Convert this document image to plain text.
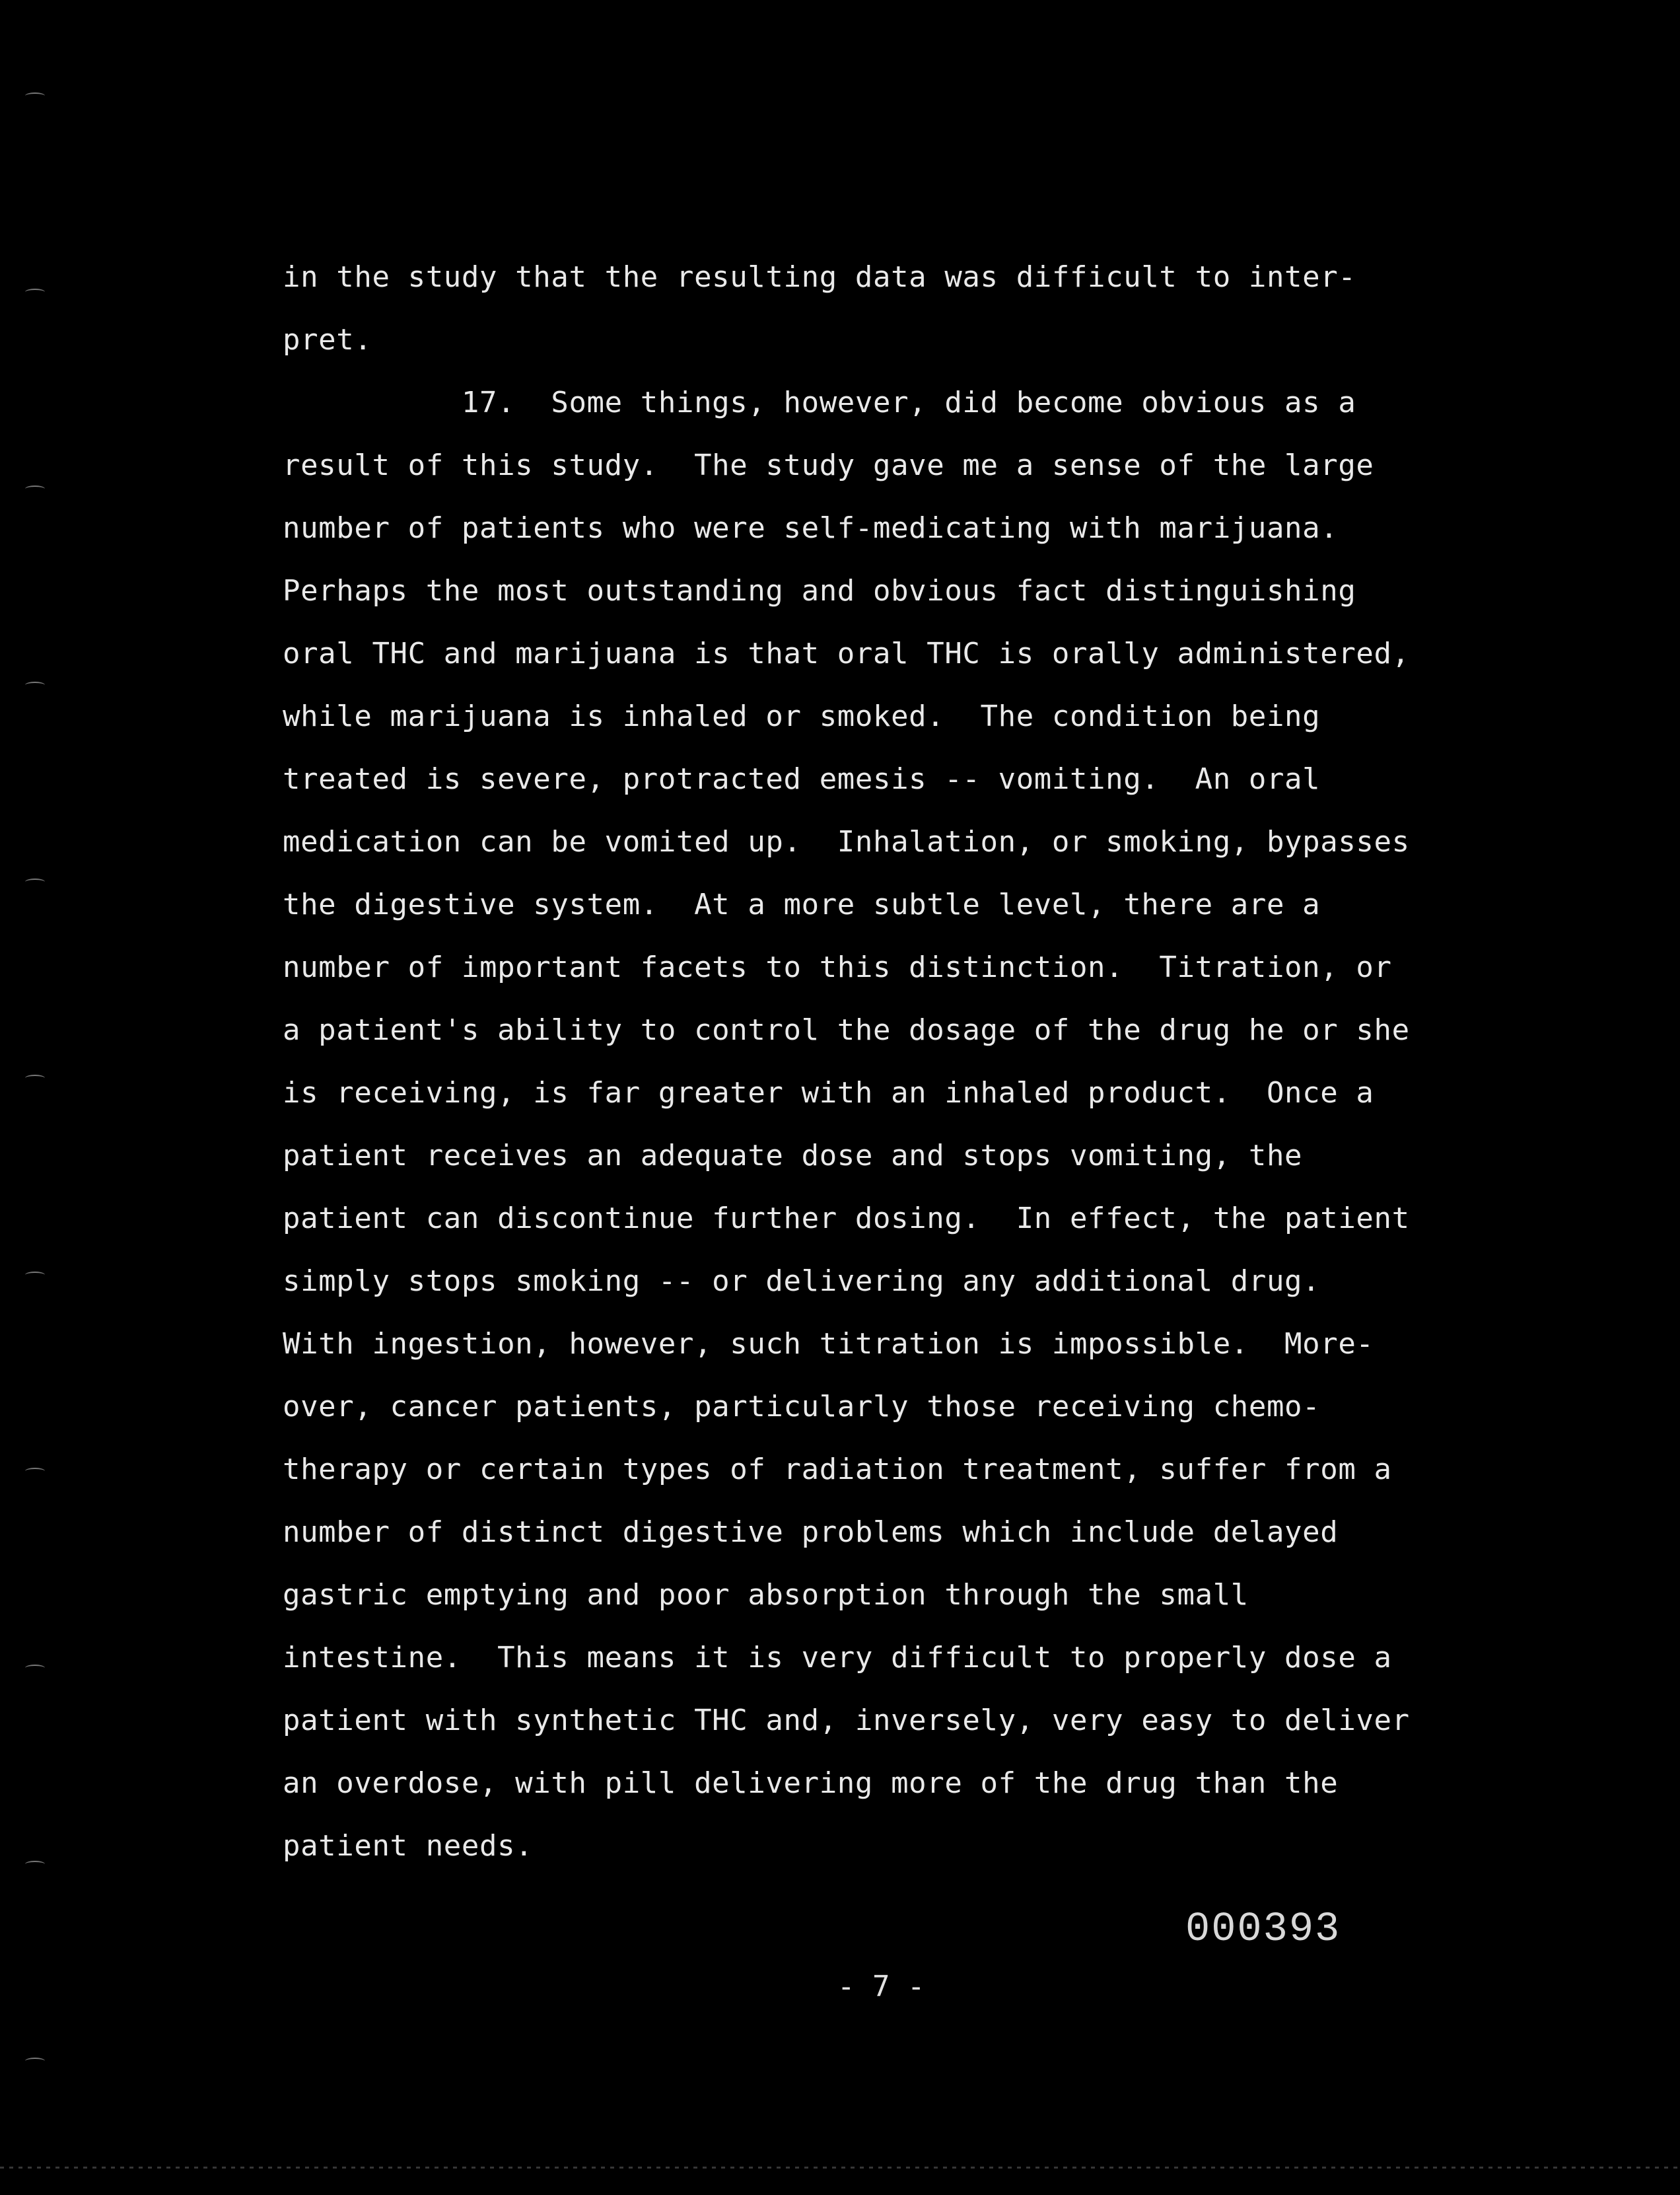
in the study that the resulting data was difficult to inter-
pret.
17.  Some things, however, did become obvious as a
result of this study.  The study gave me a sense of the large
number of patients who were self-medicating with marijuana.
Perhaps the most outstanding and obvious fact distinguishing
oral THC and marijuana is that oral THC is orally administered,
while marijuana is inhaled or smoked.  The condition being
treated is severe, protracted emesis -- vomiting.  An oral
medication can be vomited up.  Inhalation, or smoking, bypasses
the digestive system.  At a more subtle level, there are a
number of important facets to this distinction.  Titration, or
a patient's ability to control the dosage of the drug he or she
is receiving, is far greater with an inhaled product.  Once a
patient receives an adequate dose and stops vomiting, the
patient can discontinue further dosing.  In effect, the patient
simply stops smoking -- or delivering any additional drug.
With ingestion, however, such titration is impossible.  More-
over, cancer patients, particularly those receiving chemo-
therapy or certain types of radiation treatment, suffer from a
number of distinct digestive problems which include delayed
gastric emptying and poor absorption through the small
intestine.  This means it is very difficult to properly dose a
patient with synthetic THC and, inversely, very easy to deliver
an overdose, with pill delivering more of the drug than the
patient needs.
000393
- 7 -
